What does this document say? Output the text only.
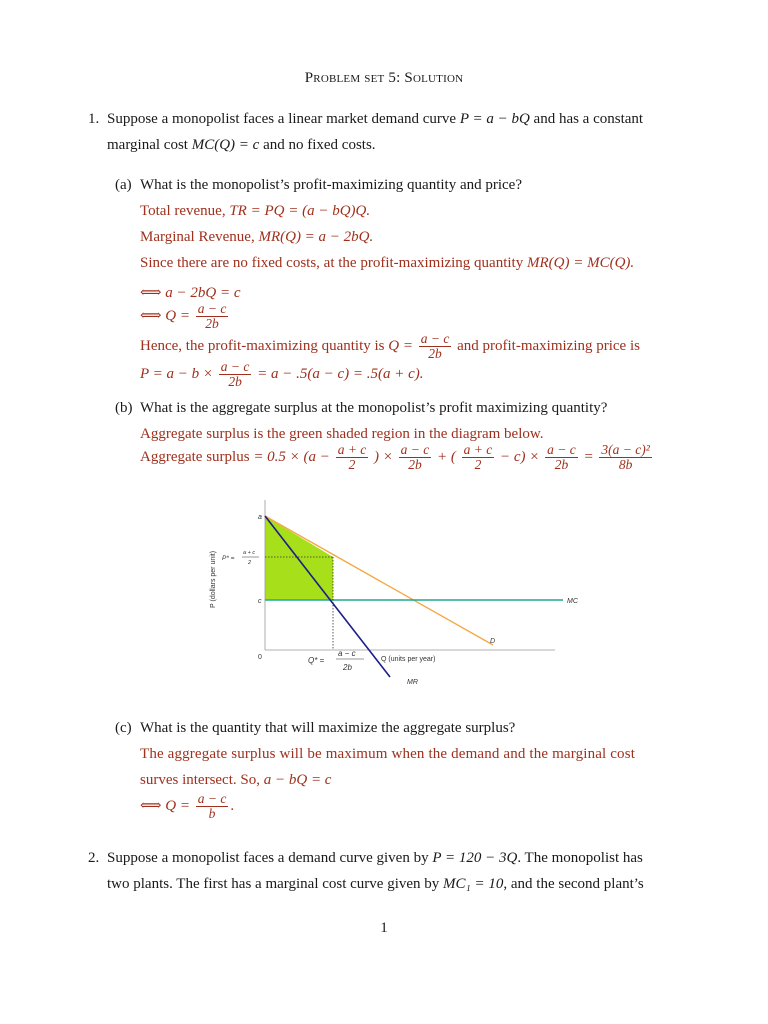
Problem set 5: Solution
1. Suppose a monopolist faces a linear market demand curve P = a − bQ and has a constant
marginal cost MC(Q) = c and no fixed costs.
(a) What is the monopolist’s profit-maximizing quantity and price?
Total revenue, TR = PQ = (a − bQ)Q.
Marginal Revenue, MR(Q) = a − 2bQ.
Since there are no fixed costs, at the profit-maximizing quantity MR(Q) = MC(Q).
⟺ a − 2bQ = c
⟺ $Q = \frac{a - c}{2b}$
Hence, the profit-maximizing quantity is $Q = \frac{a - c}{2b}$ and profit-maximizing price is
$P = a - b \times \frac{a - c}{2b} = a - .5(a - c) = .5(a + c)$.
(b) What is the aggregate surplus at the monopolist’s profit maximizing quantity?
Aggregate surplus is the green shaded region in the diagram below.
Aggregate surplus = $0.5 \times (a - \frac{a + c}{2}$ ) × $\frac{a - c}{2b}$ + ( $\frac{a + c}{2} - c) \times \frac{a - c}{2b} = \frac{\text{3(a − c)²}}{8b}$
P (dollars per unit)
a
c
P* =
a + c
2
0	Q* =
a − c
2b
Q (units per year)
MC
D
MR
(c) What is the quantity that will maximize the aggregate surplus?
The aggregate surplus will be maximum when the demand and the marginal cost
surves intersect. So, a − bQ = c
⟺ $Q = \frac{a - c}{b}$ .
2. Suppose a monopolist faces a demand curve given by P = 120 − 3Q. The monopolist has
two plants. The first has a marginal cost curve given by MC₁ = 10, and the second plant’s
1
